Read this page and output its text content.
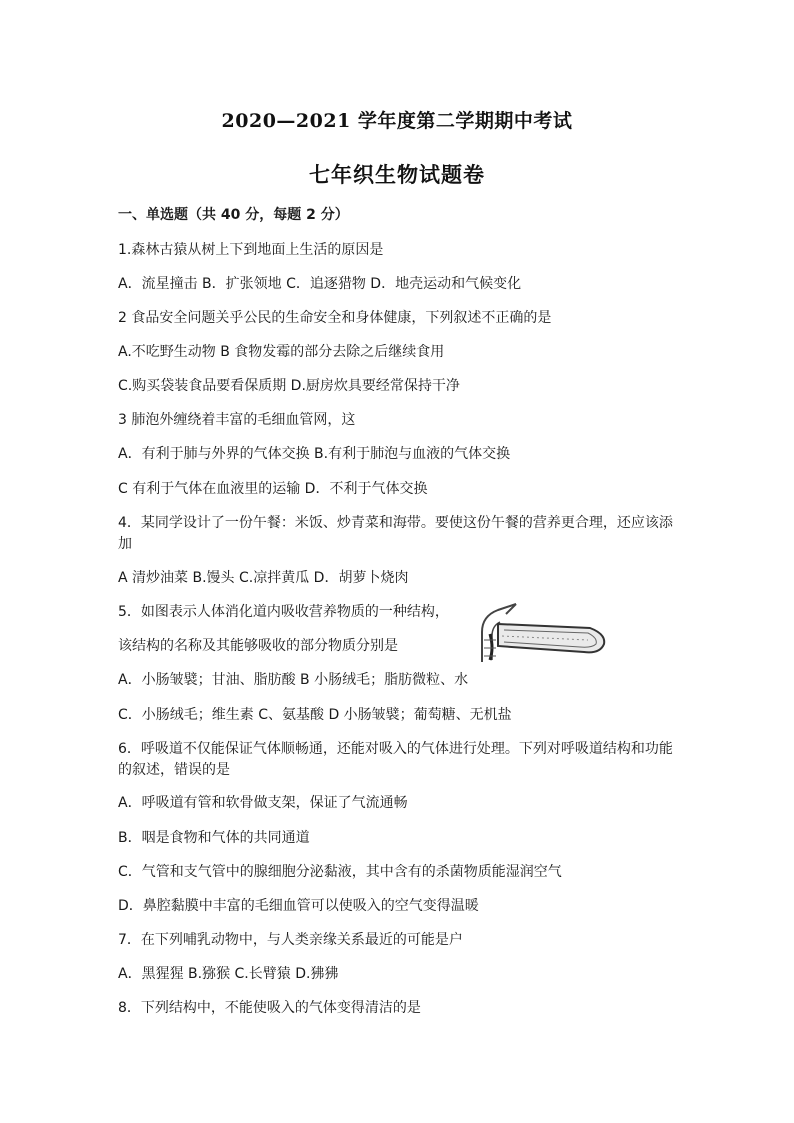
2020—2021 学年度第二学期期中考试
七年织生物试题卷
一、单选题（共 40 分，每题 2 分）
1.森林古猿从树上下到地面上生活的原因是
A．流星撞击 B．扩张领地 C．追逐猎物 D．地壳运动和气候变化
2 食品安全问题关乎公民的生命安全和身体健康，下列叙述不正确的是
A.不吃野生动物 B 食物发霉的部分去除之后继续食用
C.购买袋装食品要看保质期 D.厨房炊具要经常保持干净
3 肺泡外缠绕着丰富的毛细血管网，这
A．有利于肺与外界的气体交换 B.有利于肺泡与血液的气体交换
C 有利于气体在血液里的运输 D．不利于气体交换
4．某同学设计了一份午餐：米饭、炒青菜和海带。要使这份午餐的营养更合理，还应该添加
A 清炒油菜 B.馒头 C.凉拌黄瓜 D．胡萝卜烧肉
5．如图表示人体消化道内吸收营养物质的一种结构，
该结构的名称及其能够吸收的部分物质分别是
A．小肠皱襞；甘油、脂肪酸 B 小肠绒毛；脂肪微粒、水
C．小肠绒毛；维生素 C、氨基酸 D 小肠皱襞；葡萄糖、无机盐
6．呼吸道不仅能保证气体顺畅通，还能对吸入的气体进行处理。下列对呼吸道结构和功能的叙述，错误的是
A．呼吸道有管和软骨做支架，保证了气流通畅
B．咽是食物和气体的共同通道
C．气管和支气管中的腺细胞分泌黏液，其中含有的杀菌物质能湿润空气
D．鼻腔黏膜中丰富的毛细血管可以使吸入的空气变得温暖
7．在下列哺乳动物中，与人类亲缘关系最近的可能是户
A．黑猩猩 B.猕猴 C.长臂猿 D.狒狒
8．下列结构中，不能使吸入的气体变得清洁的是
